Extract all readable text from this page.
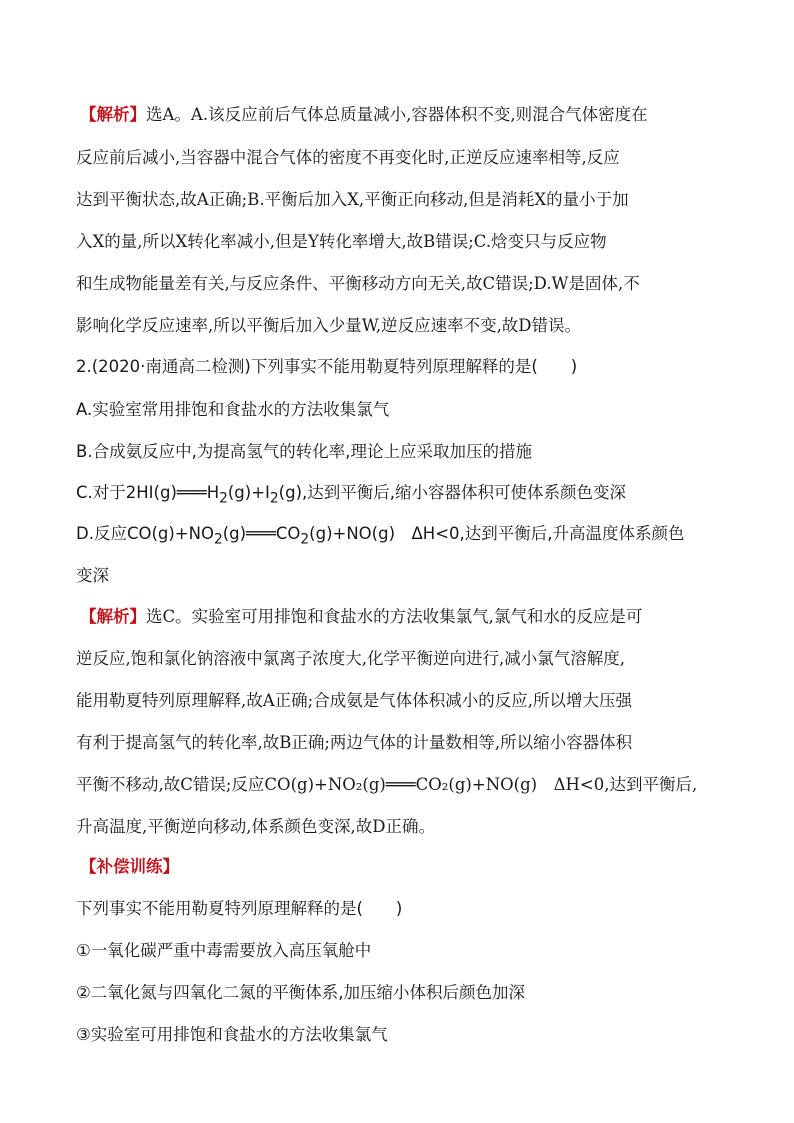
【解析】选A。A.该反应前后气体总质量减小,容器体积不变,则混合气体密度在
反应前后减小,当容器中混合气体的密度不再变化时,正逆反应速率相等,反应
达到平衡状态,故A正确;B.平衡后加入X,平衡正向移动,但是消耗X的量小于加
入X的量,所以X转化率减小,但是Y转化率增大,故B错误;C.焓变只与反应物
和生成物能量差有关,与反应条件、平衡移动方向无关,故C错误;D.W是固体,不
影响化学反应速率,所以平衡后加入少量W,逆反应速率不变,故D错误。
2.(2020·南通高二检测)下列事实不能用勒夏特列原理解释的是(　　)
A.实验室常用排饱和食盐水的方法收集氯气
B.合成氨反应中,为提高氢气的转化率,理论上应采取加压的措施
C.对于$2HI(g)═══H_2(g)+I_2(g)$,达到平衡后,缩小容器体积可使体系颜色变深
D.反应$CO(g)+NO_2(g)═══CO_2(g)+NO(g)$　ΔH<0,达到平衡后,升高温度体系颜色
变深
【解析】选C。实验室可用排饱和食盐水的方法收集氯气,氯气和水的反应是可
逆反应,饱和氯化钠溶液中氯离子浓度大,化学平衡逆向进行,减小氯气溶解度,
能用勒夏特列原理解释,故A正确;合成氨是气体体积减小的反应,所以增大压强
有利于提高氢气的转化率,故B正确;两边气体的计量数相等,所以缩小容器体积
平衡不移动,故C错误;反应CO(g)+NO₂(g)═══CO₂(g)+NO(g)　ΔH<0,达到平衡后,
升高温度,平衡逆向移动,体系颜色变深,故D正确。
【补偿训练】
下列事实不能用勒夏特列原理解释的是(　　)
①一氧化碳严重中毒需要放入高压氧舱中
②二氧化氮与四氧化二氮的平衡体系,加压缩小体积后颜色加深
③实验室可用排饱和食盐水的方法收集氯气
